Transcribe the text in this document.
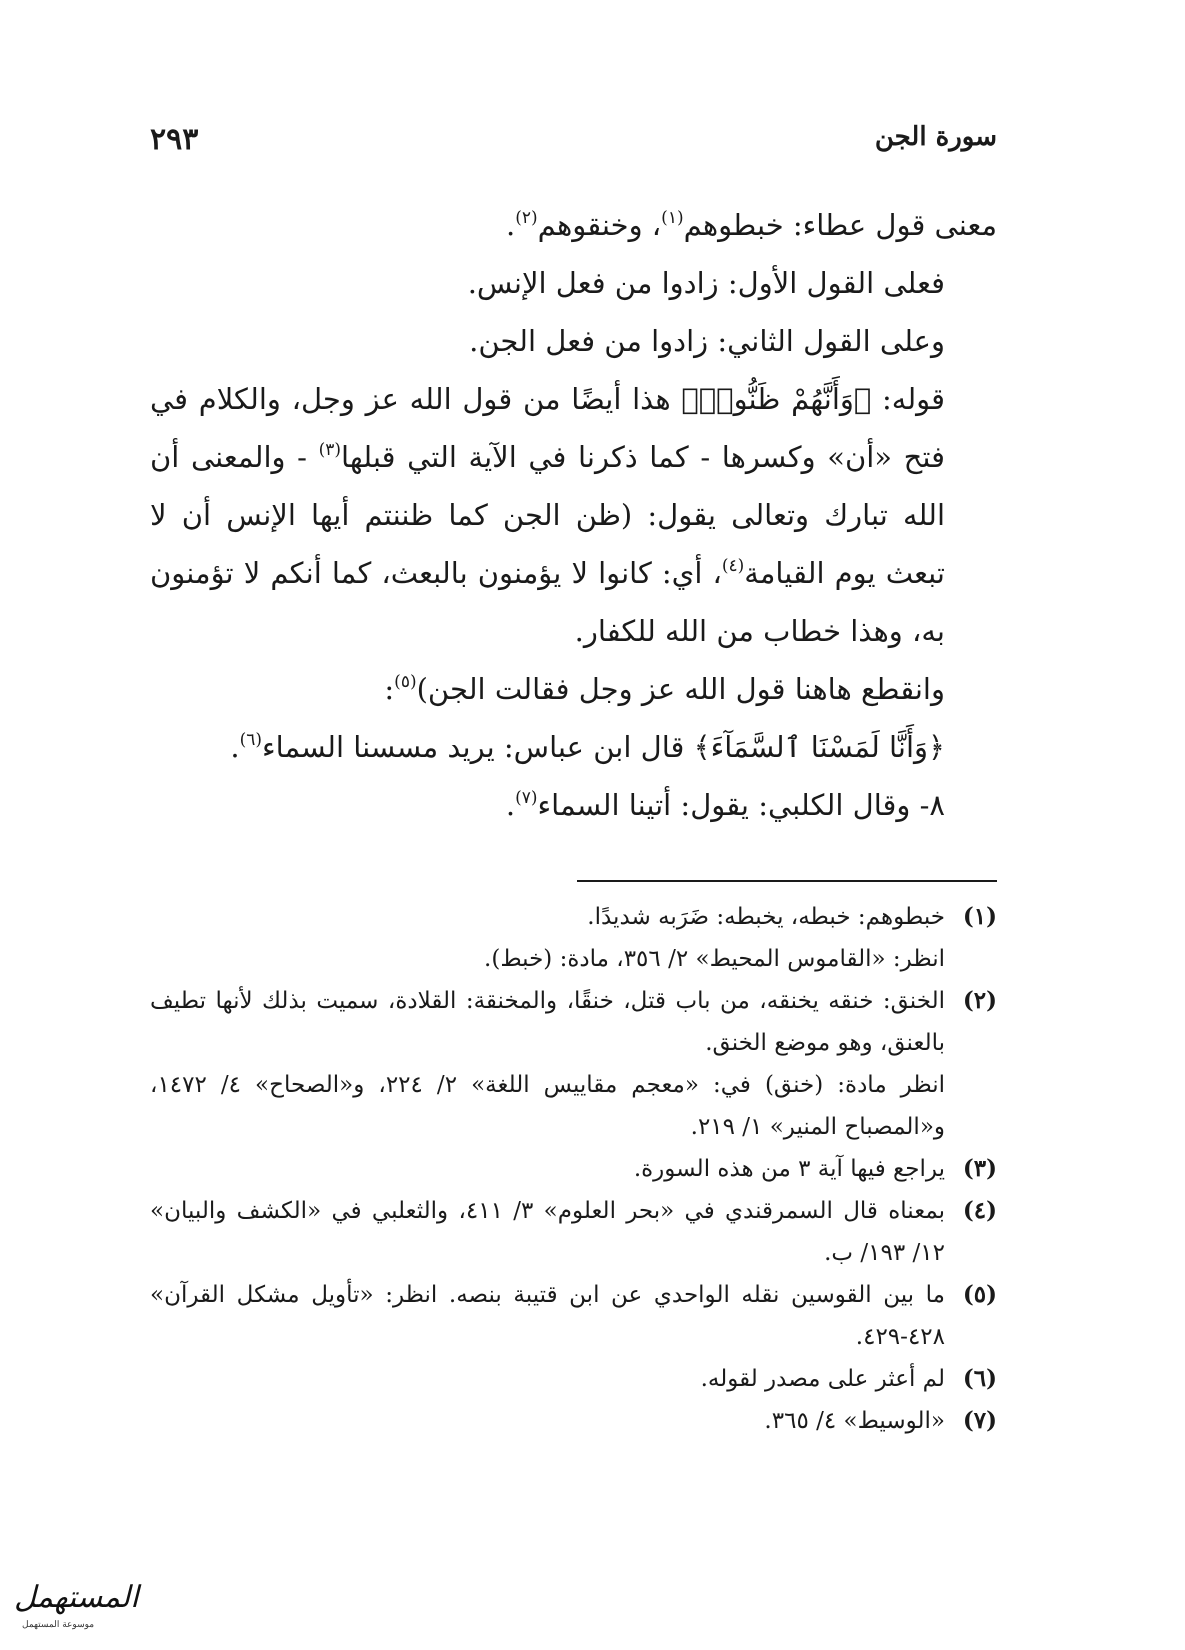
سورة الجن
٢٩٣

معنى قول عطاء: خبطوهم$^{(١)}$، وخنقوهم$^{(٢)}$.

فعلى القول الأول: زادوا من فعل الإنس.

وعلى القول الثاني: زادوا من فعل الجن.

قوله: ﴿وَأَنَّهُمْ ظَنُّوا۟﴾ هذا أيضًا من قول الله عز وجل، والكلام في فتح «أن» وكسرها - كما ذكرنا في الآية التي قبلها$^{(٣)}$ - والمعنى أن الله تبارك وتعالى يقول: (ظن الجن كما ظننتم أيها الإنس أن لا تبعث يوم القيامة$^{(٤)}$، أي: كانوا لا يؤمنون بالبعث، كما أنكم لا تؤمنون به، وهذا خطاب من الله للكفار.

وانقطع هاهنا قول الله عز وجل فقالت الجن)$^{(٥)}$:

﴿وَأَنَّا لَمَسْنَا ٱلسَّمَآءَ﴾ قال ابن عباس: يريد مسسنا السماء$^{(٦)}$.

٨- وقال الكلبي: يقول: أتينا السماء$^{(٧)}$.

(١)

خبطوهم: خبطه، يخبطه: ضَرَبه شديدًا.

انظر: «القاموس المحيط» ٢/ ٣٥٦، مادة: (خبط).

(٢)

الخنق: خنقه يخنقه، من باب قتل، خنقًا، والمخنقة: القلادة، سميت بذلك لأنها تطيف بالعنق، وهو موضع الخنق.

انظر مادة: (خنق) في: «معجم مقاييس اللغة» ٢/ ٢٢٤، و«الصحاح» ٤/ ١٤٧٢، و«المصباح المنير» ١/ ٢١٩.

(٣)

يراجع فيها آية ٣ من هذه السورة.

(٤)

بمعناه قال السمرقندي في «بحر العلوم» ٣/ ٤١١، والثعلبي في «الكشف والبيان» ١٢/ ١٩٣/ ب.

(٥)

ما بين القوسين نقله الواحدي عن ابن قتيبة بنصه. انظر: «تأويل مشكل القرآن» ٤٢٨-٤٢٩.

(٦)

لم أعثر على مصدر لقوله.

(٧)

«الوسيط» ٤/ ٣٦٥.

المستهمل
موسوعة المستهمل
